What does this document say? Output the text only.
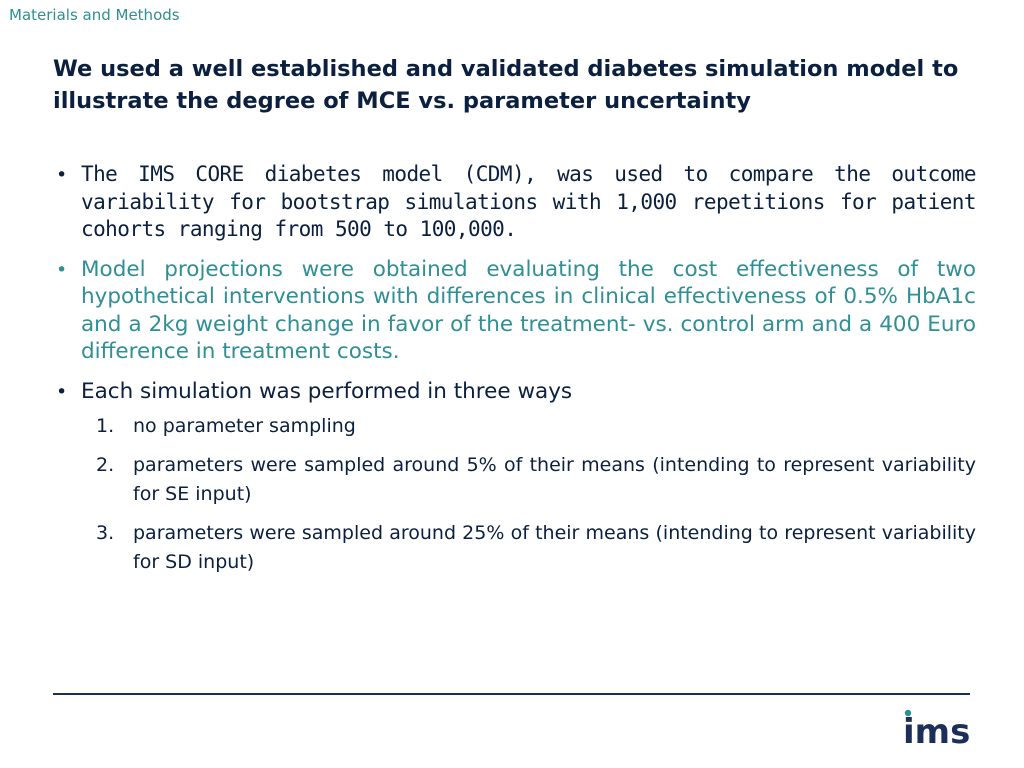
Materials and Methods
We used a well established and validated diabetes simulation model to illustrate the degree of MCE vs. parameter uncertainty
• The IMS CORE diabetes model (CDM), was used to compare the outcome variability for bootstrap simulations with 1,000 repetitions for patient cohorts ranging from 500 to 100,000.
• Model projections were obtained evaluating the cost effectiveness of two hypothetical interventions with differences in clinical effectiveness of 0.5% HbA1c and a 2kg weight change in favor of the treatment- vs. control arm and a 400 Euro difference in treatment costs.
• Each simulation was performed in three ways
1. no parameter sampling
2. parameters were sampled around 5% of their means (intending to represent variability for SE input)
3. parameters were sampled around 25% of their means (intending to represent variability for SD input)
ims
